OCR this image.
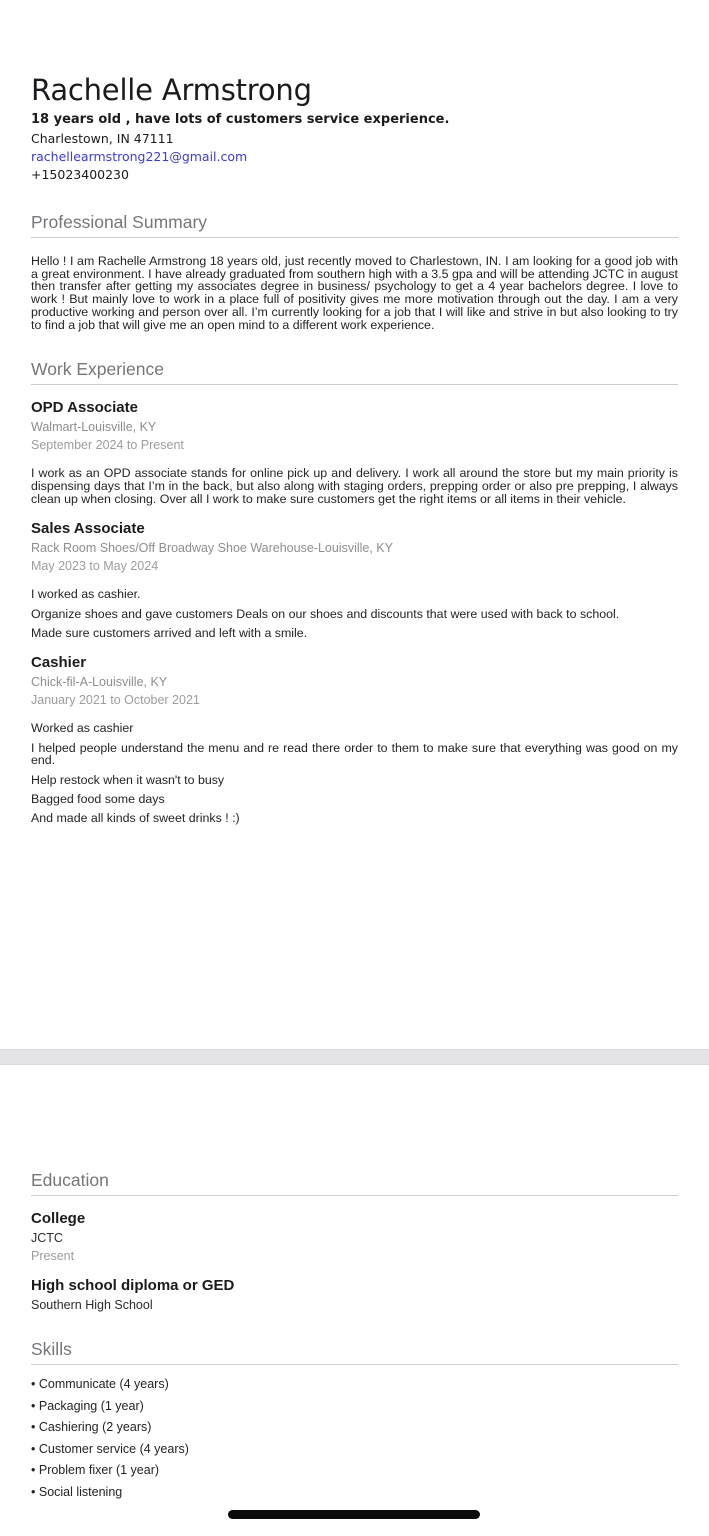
Rachelle Armstrong
18 years old , have lots of customers service experience.
Charlestown, IN 47111
rachellearmstrong221@gmail.com
+15023400230
Professional Summary
Hello ! I am Rachelle Armstrong 18 years old, just recently moved to Charlestown, IN. I am looking for a good job with a great environment. I have already graduated from southern high with a 3.5 gpa and will be attending JCTC in august then transfer after getting my associates degree in business/ psychology to get a 4 year bachelors degree. I love to work ! But mainly love to work in a place full of positivity gives me more motivation through out the day. I am a very productive working and person over all. I’m currently looking for a job that I will like and strive in but also looking to try to find a job that will give me an open mind to a different work experience.
Work Experience
OPD Associate
Walmart-Louisville, KY
September 2024 to Present

I work as an OPD associate stands for online pick up and delivery. I work all around the store but my main priority is dispensing days that I’m in the back, but also along with staging orders, prepping order or also pre prepping, I always clean up when closing. Over all I work to make sure customers get the right items or all items in their vehicle.

Sales Associate
Rack Room Shoes/Off Broadway Shoe Warehouse-Louisville, KY
May 2023 to May 2024

I worked as cashier.

Organize shoes and gave customers Deals on our shoes and discounts that were used with back to school.

Made sure customers arrived and left with a smile.

Cashier
Chick-fil-A-Louisville, KY
January 2021 to October 2021

Worked as cashier

I helped people understand the menu and re read there order to them to make sure that everything was good on my end.

Help restock when it wasn't to busy

Bagged food some days

And made all kinds of sweet drinks ! :)

Education
College
JCTC
Present
High school diploma or GED
Southern High School
Skills
• Communicate (4 years)
• Packaging (1 year)
• Cashiering (2 years)
• Customer service (4 years)
• Problem fixer (1 year)
• Social listening
